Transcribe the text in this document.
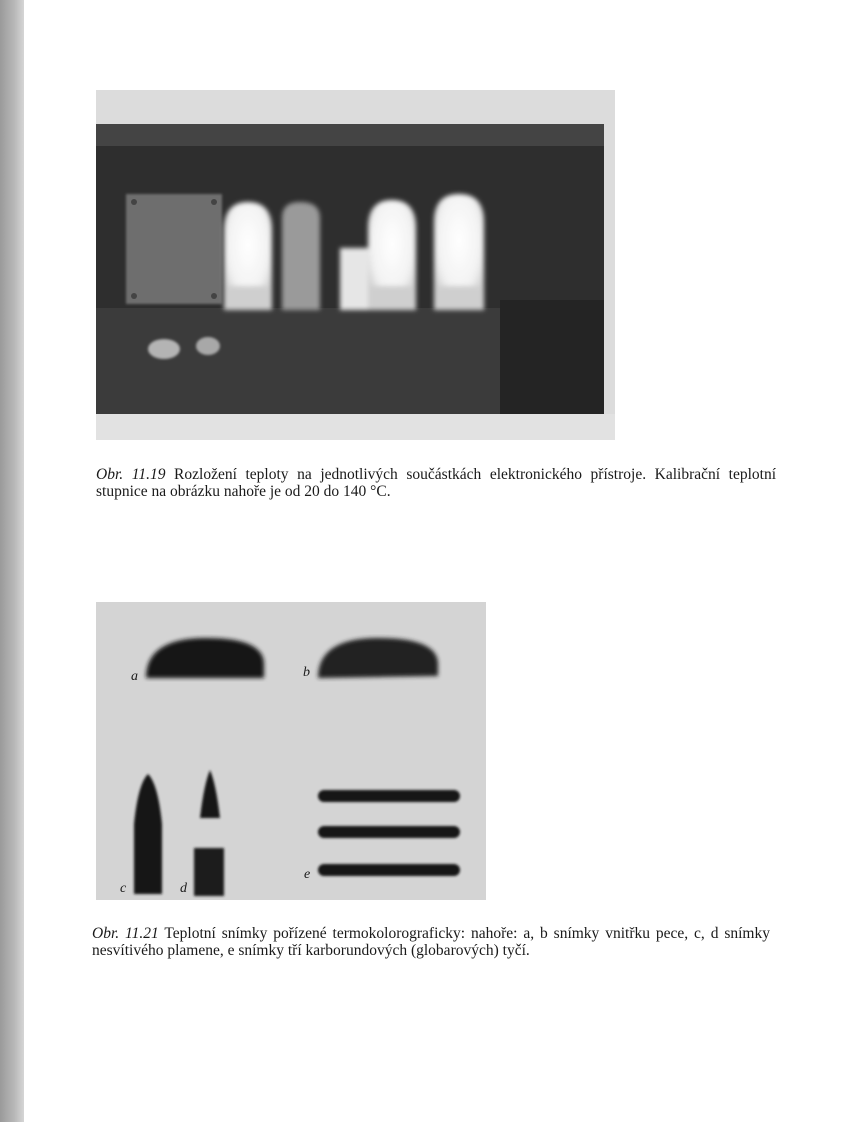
Obr. 11.19 Rozložení teploty na jednotlivých součástkách elektronického přístroje. Kalibrační teplotní stupnice na obrázku nahoře je od 20 do 140 °C.
a	b
c	d
e
Obr. 11.21 Teplotní snímky pořízené termokolorograficky: nahoře: a, b snímky vnitřku pece, c, d snímky nesvítivého plamene, e snímky tří karborundových (globarových) tyčí.
